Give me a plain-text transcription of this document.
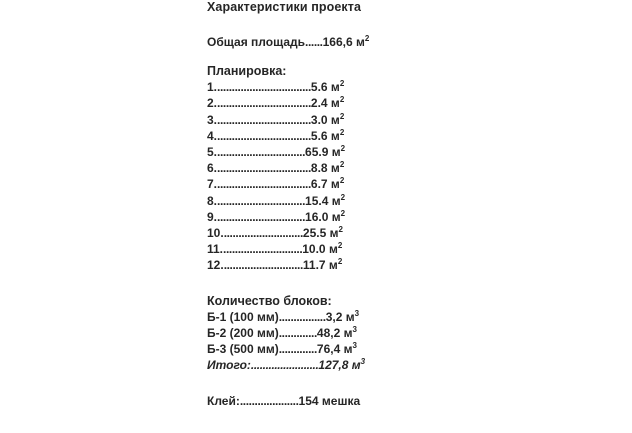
Характеристики проекта
Общая площадь......166,6 $м^2$
Планировка:
1.................................5.6 $м^2$
2.................................2.4 $м^2$
3.................................3.0 $м^2$
4.................................5.6 $м^2$
5...............................65.9 $м^2$
6.................................8.8 $м^2$
7.................................6.7 $м^2$
8...............................15.4 $м^2$
9...............................16.0 $м^2$
10............................25.5 $м^2$
11............................10.0 $м^2$
12............................11.7 $м^2$
Количество блоков:
Б-1 (100 мм)................3,2 $м^3$
Б-2 (200 мм).............48,2 $м^3$
Б-3 (500 мм).............76,4 $м^3$
Итого:.......................127,8 $м^3$
Клей:....................154 мешка
